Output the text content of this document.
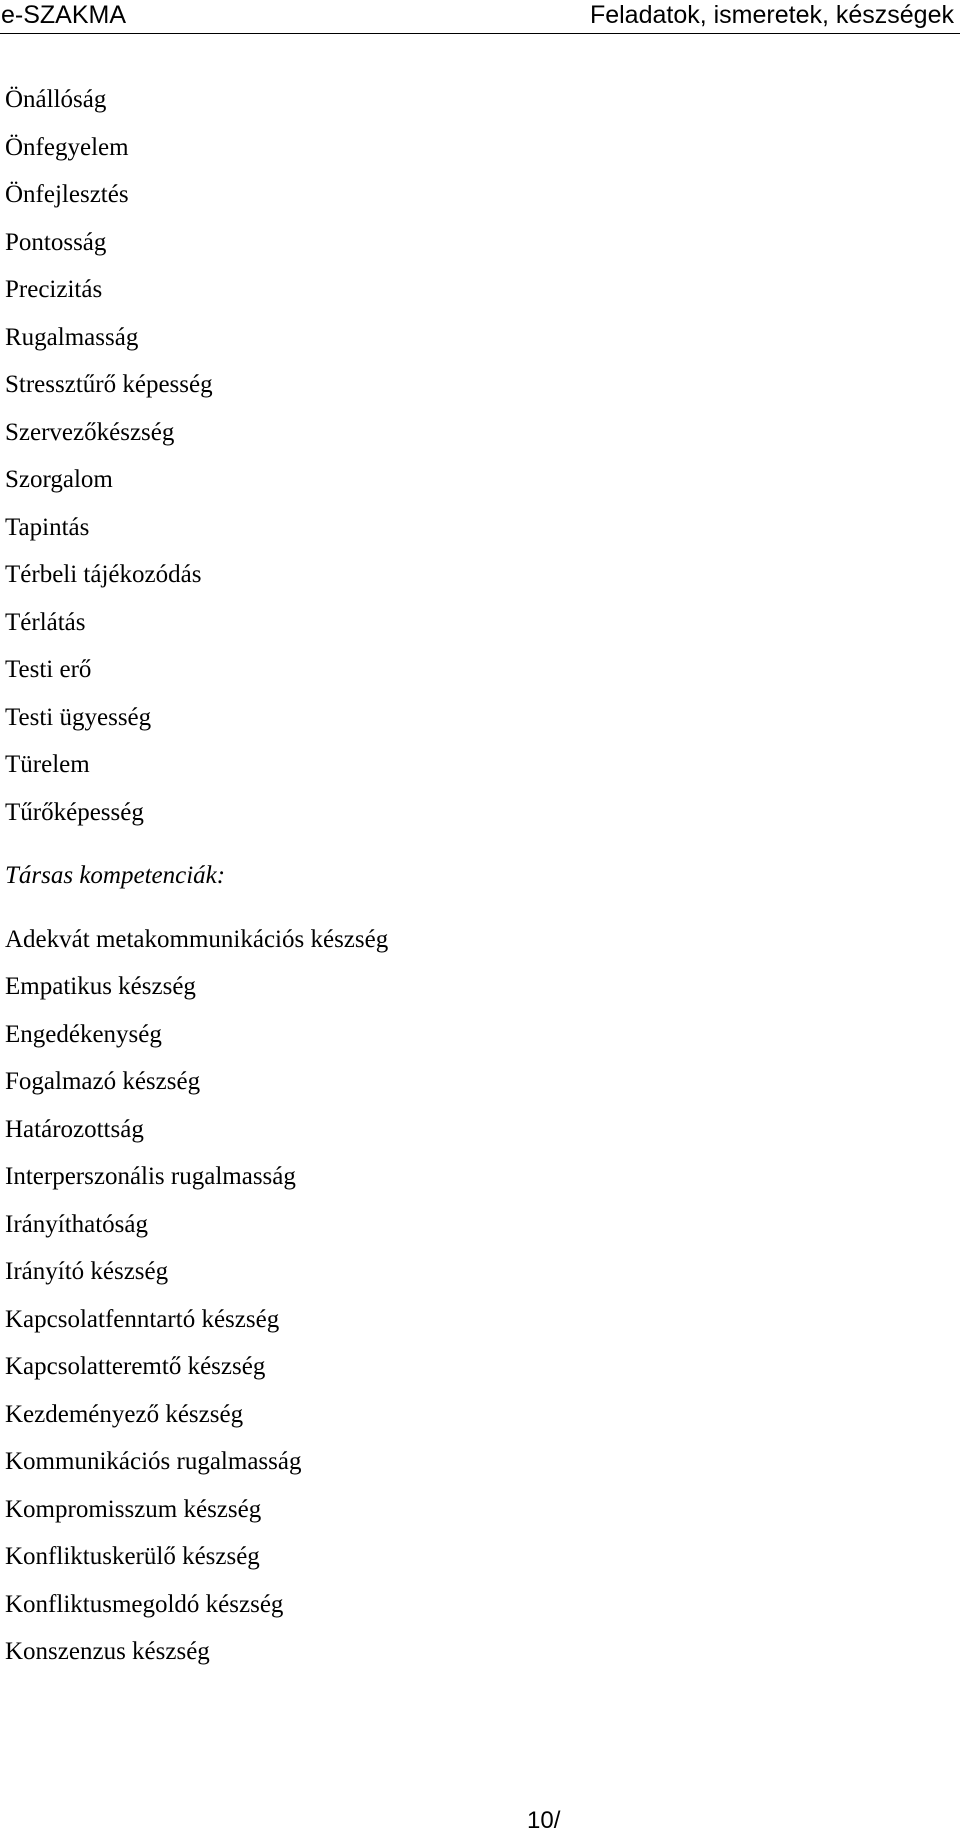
e-SZAKMA	Feladatok, ismeretek, készségek
Önállóság
Önfegyelem
Önfejlesztés
Pontosság
Precizitás
Rugalmasság
Stressztűrő képesség
Szervezőkészség
Szorgalom
Tapintás
Térbeli tájékozódás
Térlátás
Testi erő
Testi ügyesség
Türelem
Tűrőképesség
Társas kompetenciák:
Adekvát metakommunikációs készség
Empatikus készség
Engedékenység
Fogalmazó készség
Határozottság
Interperszonális rugalmasság
Irányíthatóság
Irányító készség
Kapcsolatfenntartó készség
Kapcsolatteremtő készség
Kezdeményező készség
Kommunikációs rugalmasság
Kompromisszum készség
Konfliktuskerülő készség
Konfliktusmegoldó készség
Konszenzus készség
10/
